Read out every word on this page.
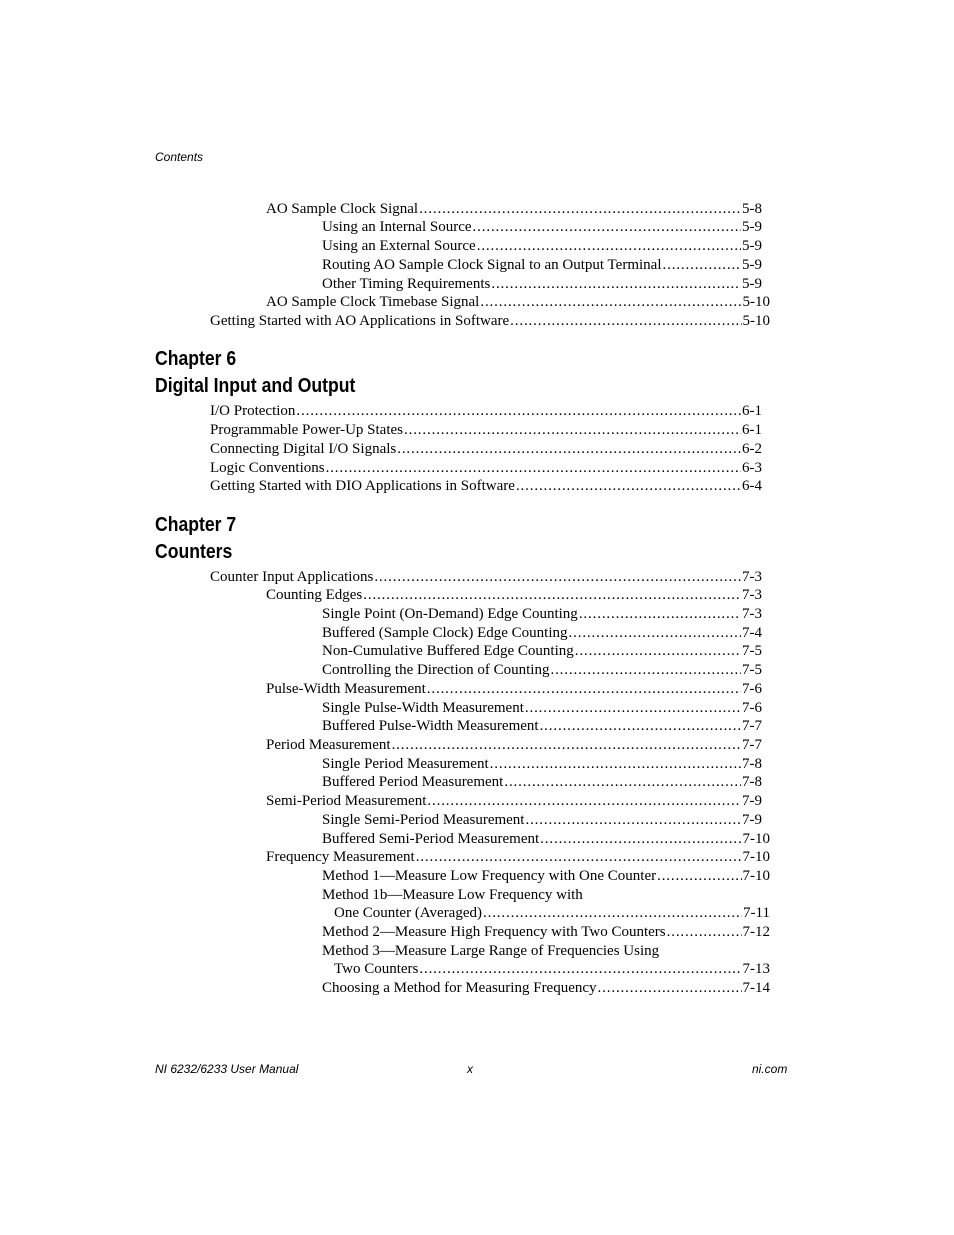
Contents
AO Sample Clock Signal . . .	5-8
Using an Internal Source . . .	5-9
Using an External Source . . .	5-9
Routing AO Sample Clock Signal to an Output Terminal . . .	5-9
Other Timing Requirements . . .	5-9
AO Sample Clock Timebase Signal . . .	5-10
Getting Started with AO Applications in Software . . .	5-10
Chapter 6
Digital Input and Output
I/O Protection . . .	6-1
Programmable Power-Up States . . .	6-1
Connecting Digital I/O Signals . . .	6-2
Logic Conventions . . .	6-3
Getting Started with DIO Applications in Software . . .	6-4
Chapter 7
Counters
Counter Input Applications . . .	7-3
Counting Edges . . .	7-3
Single Point (On-Demand) Edge Counting . . .	7-3
Buffered (Sample Clock) Edge Counting . . .	7-4
Non-Cumulative Buffered Edge Counting . . .	7-5
Controlling the Direction of Counting . . .	7-5
Pulse-Width Measurement . . .	7-6
Single Pulse-Width Measurement . . .	7-6
Buffered Pulse-Width Measurement . . .	7-7
Period Measurement . . .	7-7
Single Period Measurement . . .	7-8
Buffered Period Measurement . . .	7-8
Semi-Period Measurement . . .	7-9
Single Semi-Period Measurement . . .	7-9
Buffered Semi-Period Measurement . . .	7-10
Frequency Measurement . . .	7-10
Method 1—Measure Low Frequency with One Counter . . .	7-10
Method 1b—Measure Low Frequency with
One Counter (Averaged) . . .	7-11
Method 2—Measure High Frequency with Two Counters . . .	7-12
Method 3—Measure Large Range of Frequencies Using
Two Counters . . .	7-13
Choosing a Method for Measuring Frequency . . .	7-14
NI 6232/6233 User Manual	x	ni.com
